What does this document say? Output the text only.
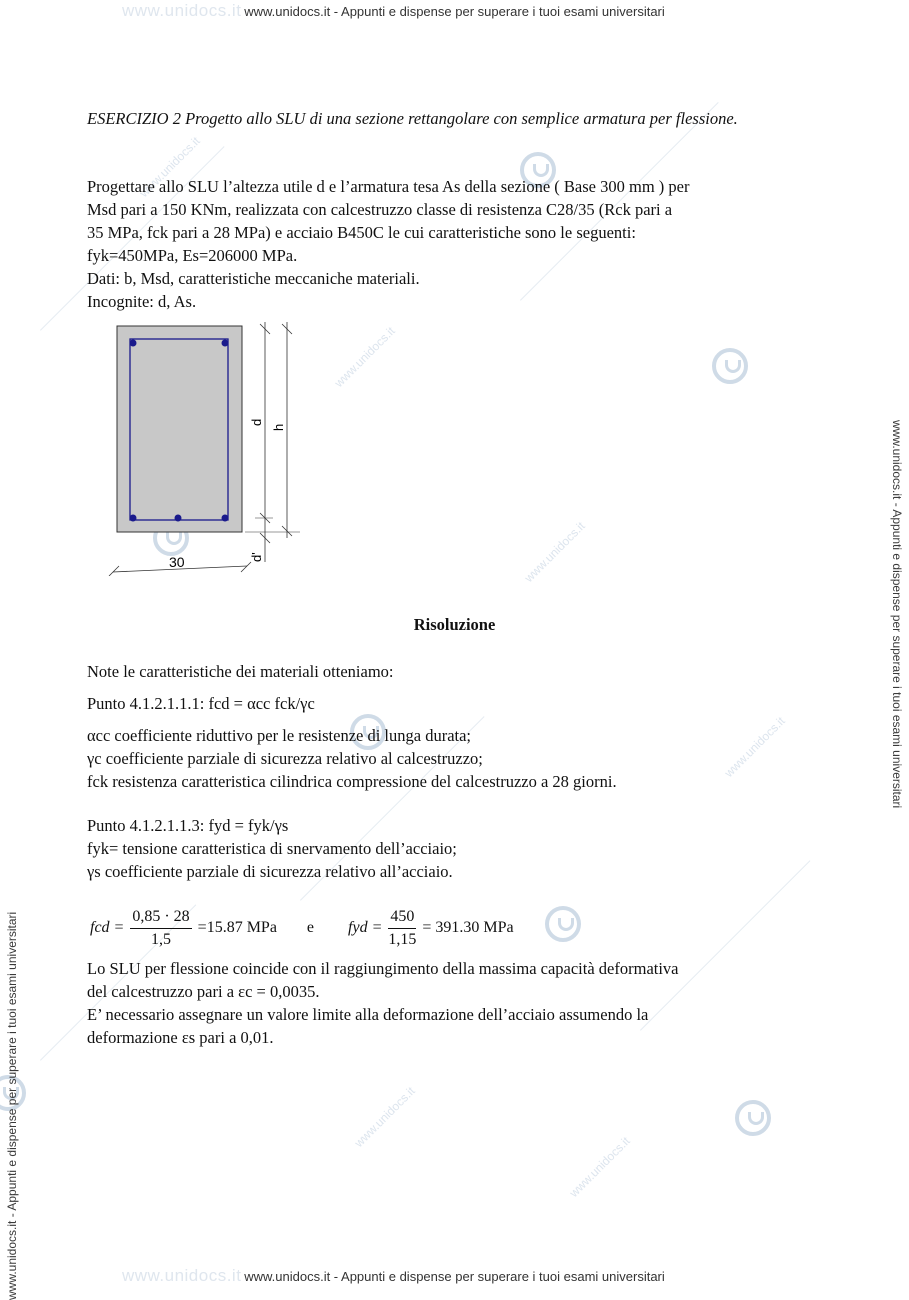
www.unidocs.it
www.unidocs.it
www.unidocs.it
www.unidocs.it
www.unidocs.it
www.unidocs.it
www.unidocs.it www.unidocs.it - Appunti e dispense per superare i tuoi esami universitari
www.unidocs.it www.unidocs.it - Appunti e dispense per superare i tuoi esami universitari
www.unidocs.it - Appunti e dispense per superare i tuoi esami universitari
www.unidocs.it - Appunti e dispense per superare i tuoi esami universitari

ESERCIZIO 2 Progetto allo SLU di una sezione rettangolare con semplice armatura per flessione.

Progettare allo SLU l’altezza utile d e l’armatura tesa As della sezione ( Base 300 mm ) per

Msd pari a 150 KNm, realizzata con calcestruzzo classe di resistenza C28/35 (Rck pari a

35 MPa, fck pari a 28 MPa) e acciaio B450C le cui caratteristiche sono le seguenti:

fyk=450MPa, Es=206000 MPa.

Dati: b, Msd, caratteristiche meccaniche materiali.

Incognite: d, As.

d
h
d'
30
Risoluzione

Note le caratteristiche dei materiali otteniamo:

Punto 4.1.2.1.1.1: fcd = αcc fck/γc

αcc coefficiente riduttivo per le resistenze di lunga durata;

γc coefficiente parziale di sicurezza relativo al calcestruzzo;

fck resistenza caratteristica cilindrica compressione del calcestruzzo a 28 giorni.

Punto 4.1.2.1.1.3: fyd = fyk/γs

fyk= tensione caratteristica di snervamento dell’acciaio;

γs coefficiente parziale di sicurezza relativo all’acciaio.

fcd = $\frac{0,85 \cdot 28}{1,5} =15.87$ MPa e fyd = $\frac{450}{1,15} = 391.30$ MPa

Lo SLU per flessione coincide con il raggiungimento della massima capacità deformativa

del calcestruzzo pari a εc = 0,0035.

E’ necessario assegnare un valore limite alla deformazione dell’acciaio assumendo la

deformazione εs pari a 0,01.
